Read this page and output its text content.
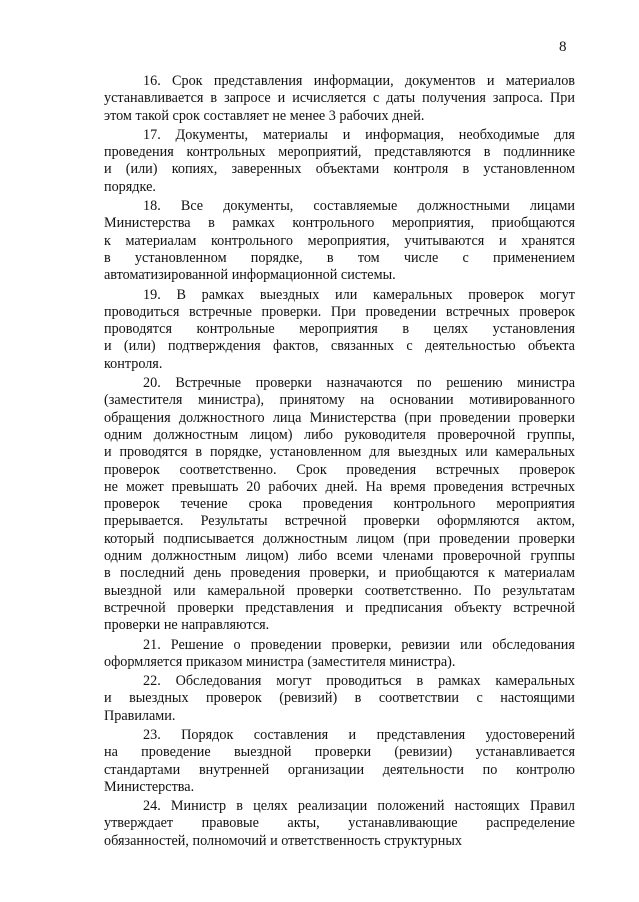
8
16. Срок представления информации, документов и материалов
устанавливается в запросе и исчисляется с даты получения запроса. При
этом такой срок составляет не менее 3 рабочих дней.
17. Документы, материалы и информация, необходимые для
проведения контрольных мероприятий, представляются в подлиннике
и (или) копиях, заверенных объектами контроля в установленном
порядке.
18. Все документы, составляемые должностными лицами
Министерства в рамках контрольного мероприятия, приобщаются
к материалам контрольного мероприятия, учитываются и хранятся
в установленном порядке, в том числе с применением
автоматизированной информационной системы.
19. В рамках выездных или камеральных проверок могут
проводиться встречные проверки. При проведении встречных проверок
проводятся контрольные мероприятия в целях установления
и (или) подтверждения фактов, связанных с деятельностью объекта
контроля.
20. Встречные проверки назначаются по решению министра
(заместителя министра), принятому на основании мотивированного
обращения должностного лица Министерства (при проведении проверки
одним должностным лицом) либо руководителя проверочной группы,
и проводятся в порядке, установленном для выездных или камеральных
проверок соответственно. Срок проведения встречных проверок
не может превышать 20 рабочих дней. На время проведения встречных
проверок течение срока проведения контрольного мероприятия
прерывается. Результаты встречной проверки оформляются актом,
который подписывается должностным лицом (при проведении проверки
одним должностным лицом) либо всеми членами проверочной группы
в последний день проведения проверки, и приобщаются к материалам
выездной или камеральной проверки соответственно. По результатам
встречной проверки представления и предписания объекту встречной
проверки не направляются.
21. Решение о проведении проверки, ревизии или обследования
оформляется приказом министра (заместителя министра).
22. Обследования могут проводиться в рамках камеральных
и выездных проверок (ревизий) в соответствии с настоящими
Правилами.
23. Порядок составления и представления удостоверений
на проведение выездной проверки (ревизии) устанавливается
стандартами внутренней организации деятельности по контролю
Министерства.
24. Министр в целях реализации положений настоящих Правил
утверждает правовые акты, устанавливающие распределение
обязанностей, полномочий и ответственность структурных
